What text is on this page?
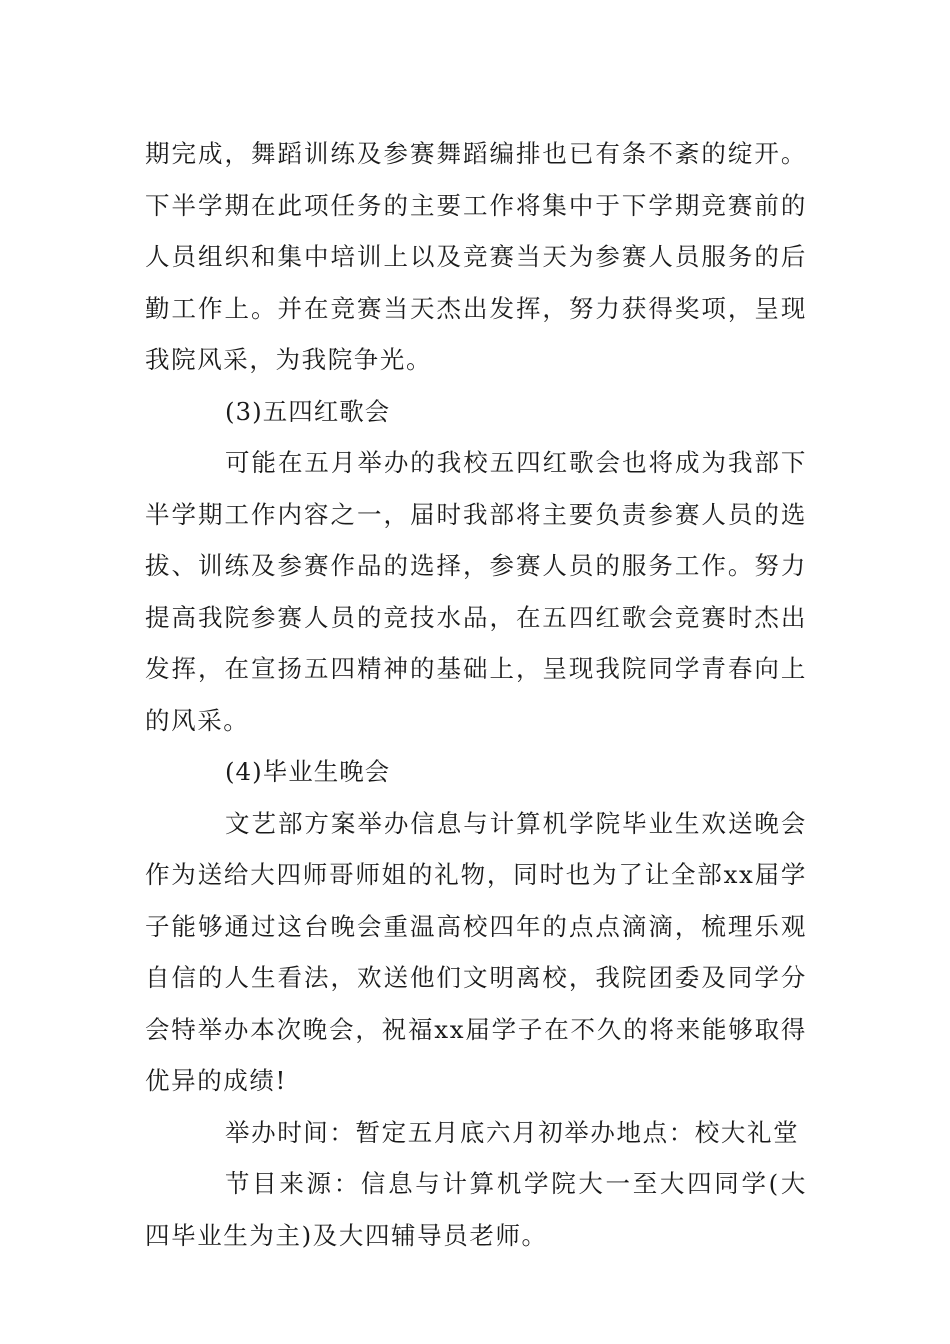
期完成，舞蹈训练及参赛舞蹈编排也已有条不紊的绽开。下半学期在此项任务的主要工作将集中于下学期竞赛前的人员组织和集中培训上以及竞赛当天为参赛人员服务的后勤工作上。并在竞赛当天杰出发挥，努力获得奖项，呈现我院风采，为我院争光。

(3)五四红歌会

可能在五月举办的我校五四红歌会也将成为我部下半学期工作内容之一，届时我部将主要负责参赛人员的选拔、训练及参赛作品的选择，参赛人员的服务工作。努力提高我院参赛人员的竞技水品，在五四红歌会竞赛时杰出发挥，在宣扬五四精神的基础上，呈现我院同学青春向上的风采。

(4)毕业生晚会

文艺部方案举办信息与计算机学院毕业生欢送晚会作为送给大四师哥师姐的礼物，同时也为了让全部xx届学子能够通过这台晚会重温高校四年的点点滴滴，梳理乐观自信的人生看法，欢送他们文明离校，我院团委及同学分会特举办本次晚会，祝福xx届学子在不久的将来能够取得优异的成绩!

举办时间：暂定五月底六月初举办地点：校大礼堂

节目来源：信息与计算机学院大一至大四同学(大四毕业生为主)及大四辅导员老师。
